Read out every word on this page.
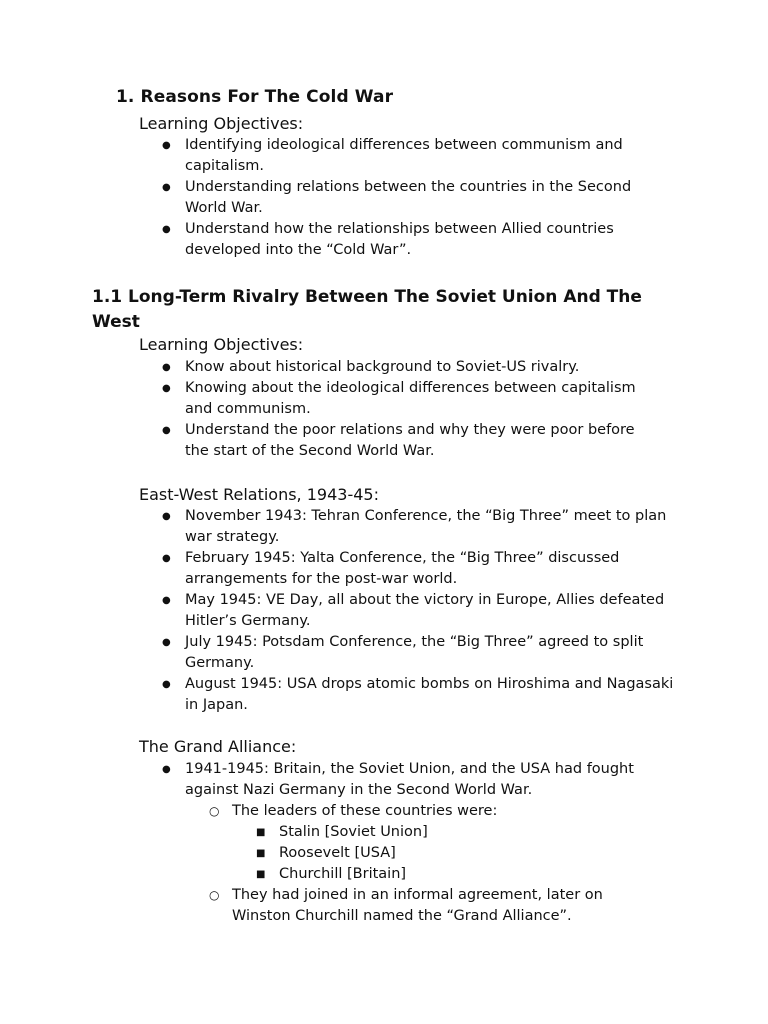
1. Reasons For The Cold War
Learning Objectives:
● Identifying ideological differences between communism and capitalism.
● Understanding relations between the countries in the Second World War.
● Understand how the relationships between Allied countries developed into the “Cold War”.
1.1 Long-Term Rivalry Between The Soviet Union And The West
Learning Objectives:
● Know about historical background to Soviet-US rivalry.
● Knowing about the ideological differences between capitalism and communism.
● Understand the poor relations and why they were poor before the start of the Second World War.
East-West Relations, 1943-45:
● November 1943: Tehran Conference, the “Big Three” meet to plan war strategy.
● February 1945: Yalta Conference, the “Big Three” discussed arrangements for the post-war world.
● May 1945: VE Day, all about the victory in Europe, Allies defeated Hitler’s Germany.
● July 1945: Potsdam Conference, the “Big Three” agreed to split Germany.
● August 1945: USA drops atomic bombs on Hiroshima and Nagasaki in Japan.
The Grand Alliance:
● 1941-1945: Britain, the Soviet Union, and the USA had fought against Nazi Germany in the Second World War.
○ The leaders of these countries were:
■ Stalin [Soviet Union]
■ Roosevelt [USA]
■ Churchill [Britain]
○ They had joined in an informal agreement, later on Winston Churchill named the “Grand Alliance”.
